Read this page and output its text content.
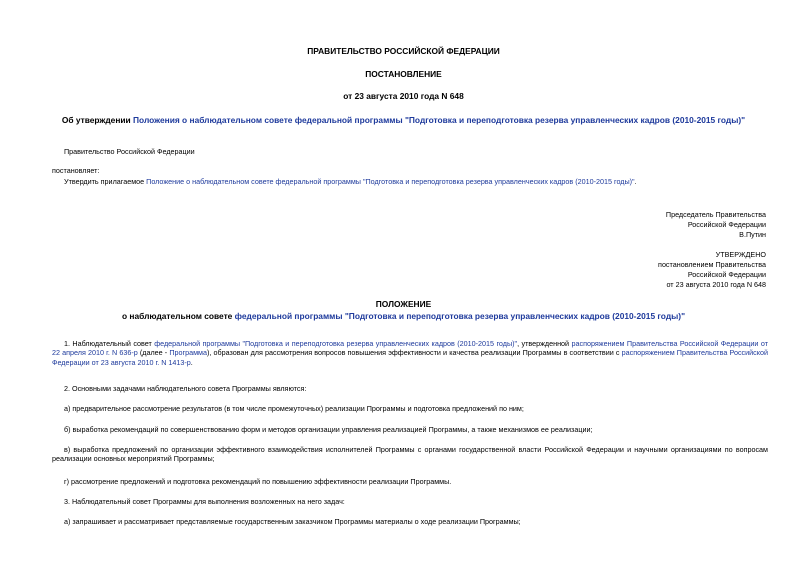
ПРАВИТЕЛЬСТВО РОССИЙСКОЙ ФЕДЕРАЦИИ
ПОСТАНОВЛЕНИЕ
от 23 августа 2010 года N 648
Об утверждении Положения о наблюдательном совете федеральной программы "Подготовка и переподготовка резерва управленческих кадров (2010-2015 годы)"
Правительство Российской Федерации
постановляет:
Утвердить прилагаемое Положение о наблюдательном совете федеральной программы "Подготовка и переподготовка резерва управленческих кадров (2010-2015 годы)".
Председатель Правительства
Российской Федерации
В.Путин
УТВЕРЖДЕНО
постановлением Правительства
Российской Федерации
от 23 августа 2010 года N 648
ПОЛОЖЕНИЕ
о наблюдательном совете федеральной программы "Подготовка и переподготовка резерва управленческих кадров (2010-2015 годы)"
1. Наблюдательный совет федеральной программы "Подготовка и переподготовка резерва управленческих кадров (2010-2015 годы)", утвержденной распоряжением Правительства Российской Федерации от 22 апреля 2010 г. N 636-р (далее - Программа), образован для рассмотрения вопросов повышения эффективности и качества реализации Программы в соответствии с распоряжением Правительства Российской Федерации от 23 августа 2010 г. N 1413-р.
2. Основными задачами наблюдательного совета Программы являются:
а) предварительное рассмотрение результатов (в том числе промежуточных) реализации Программы и подготовка предложений по ним;
б) выработка рекомендаций по совершенствованию форм и методов организации управления реализацией Программы, а также механизмов ее реализации;
в) выработка предложений по организации эффективного взаимодействия исполнителей Программы с органами государственной власти Российской Федерации и научными организациями по вопросам реализации основных мероприятий Программы;
г) рассмотрение предложений и подготовка рекомендаций по повышению эффективности реализации Программы.
3. Наблюдательный совет Программы для выполнения возложенных на него задач:
а) запрашивает и рассматривает представляемые государственным заказчиком Программы материалы о ходе реализации Программы;
